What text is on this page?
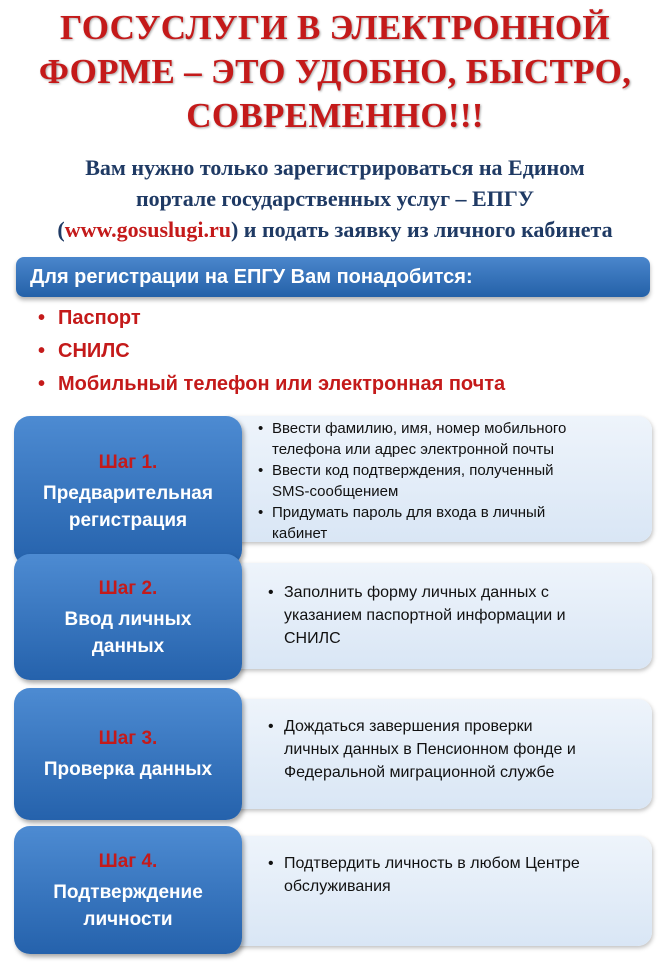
ГОСУСЛУГИ В ЭЛЕКТРОННОЙ
ФОРМЕ – ЭТО УДОБНО, БЫСТРО,
СОВРЕМЕННО!!!
Вам нужно только зарегистрироваться на Едином
портале государственных услуг – ЕПГУ
(www.gosuslugi.ru) и подать заявку из личного кабинета
Для регистрации на ЕПГУ Вам понадобится:
• Паспорт
• СНИЛС
• Мобильный телефон или электронная почта
Шаг 1.
Предварительная
регистрация
• Ввести фамилию, имя, номер мобильного
телефона или адрес электронной почты
• Ввести код подтверждения, полученный
SMS-сообщением
• Придумать пароль для входа в личный
кабинет
Шаг 2.
Ввод личных
данных
• Заполнить форму личных данных с
указанием паспортной информации и
СНИЛС
Шаг 3.
Проверка данных
• Дождаться завершения проверки
личных данных в Пенсионном фонде и
Федеральной миграционной службе
Шаг 4.
Подтверждение
личности
• Подтвердить личность в любом Центре
обслуживания
